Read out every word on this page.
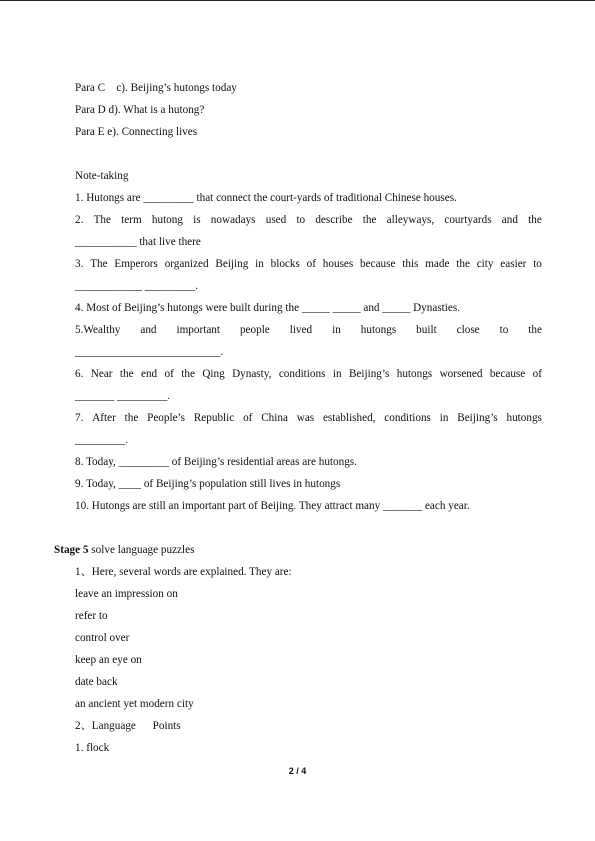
Para C    c). Beijing’s hutongs today
Para D d). What is a hutong?
Para E e). Connecting lives
Note-taking
1. Hutongs are _________ that connect the court-yards of traditional Chinese houses.
2. The term hutong is nowadays used to describe the alleyways, courtyards and the
___________ that live there
3. The Emperors organized Beijing in blocks of houses because this made the city easier to
____________ _________.
4. Most of Beijing’s hutongs were built during the _____ _____ and _____ Dynasties.
5.Wealthy and important people lived in hutongs built close to the
__________________________.
6. Near the end of the Qing Dynasty, conditions in Beijing’s hutongs worsened because of
_______ _________.
7. After the People’s Republic of China was established, conditions in Beijing’s hutongs
_________.
8. Today, _________ of Beijing’s residential areas are hutongs.
9. Today, ____ of Beijing’s population still lives in hutongs
10. Hutongs are still an important part of Beijing. They attract many _______ each year.
Stage 5 solve language puzzles
1、Here, several words are explained. They are:
leave an impression on
refer to
control over
keep an eye on
date back
an ancient yet modern city
2、Language      Points
1. flock
2 / 4
